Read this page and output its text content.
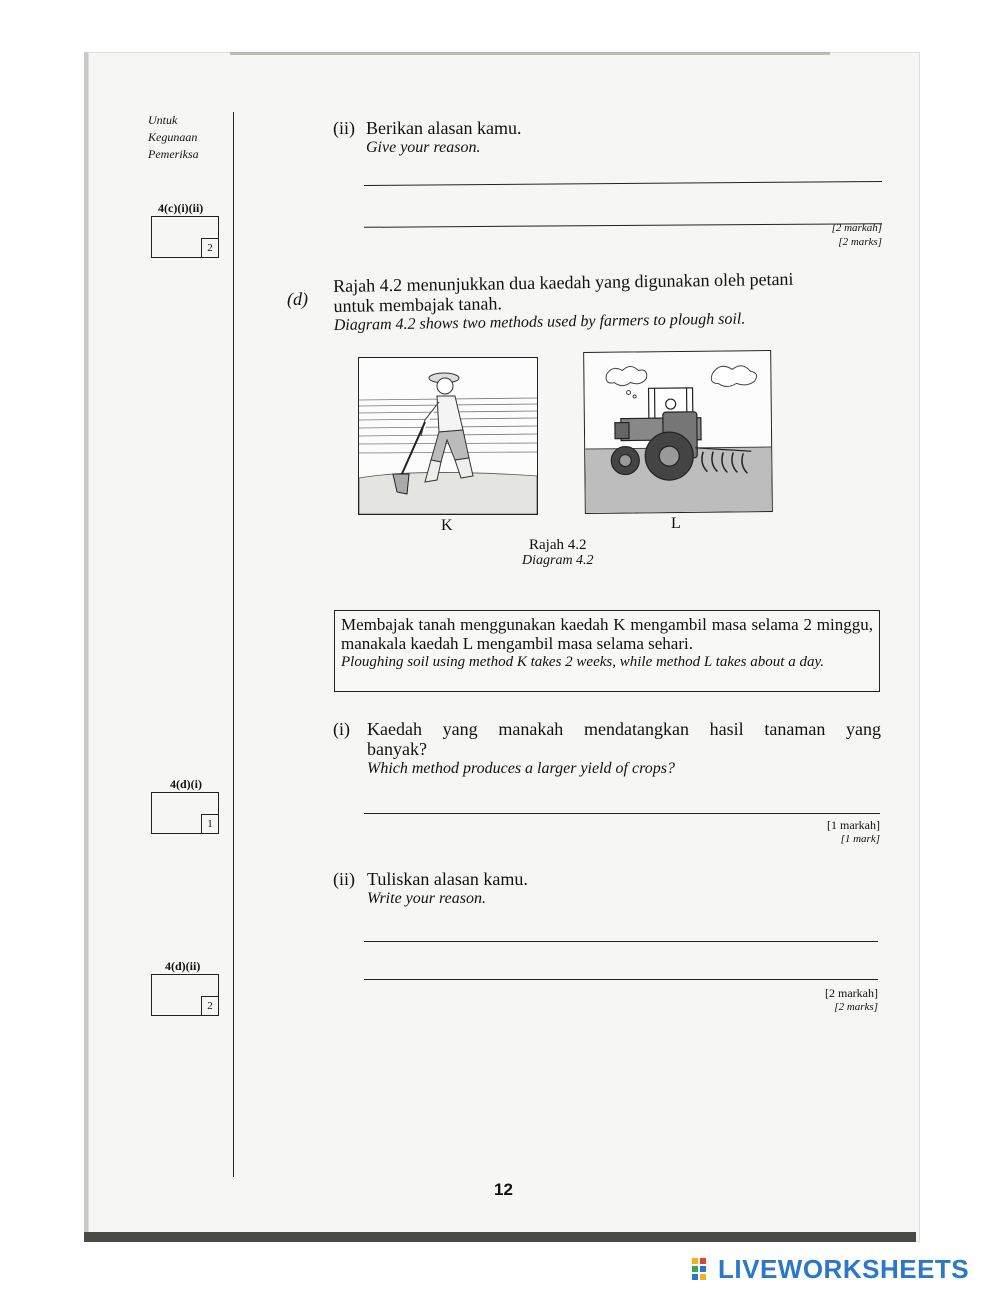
Untuk
Kegunaan
Pemeriksa
4(c)(i)(ii)
2
4(d)(i)
1
4(d)(ii)
2
(ii) Berikan alasan kamu.
Give your reason.
[2 markah]
[2 marks]
(d)
Rajah 4.2 menunjukkan dua kaedah yang digunakan oleh petani
untuk membajak tanah.
Diagram 4.2 shows two methods used by farmers to plough soil.
K	L
Rajah 4.2
Diagram 4.2
Membajak tanah menggunakan kaedah K mengambil masa selama 2 minggu, manakala kaedah L mengambil masa selama sehari.
Ploughing soil using method K takes 2 weeks, while method L takes about a day.
(i) Kaedah yang manakah mendatangkan hasil tanaman yang
banyak?
Which method produces a larger yield of crops?
[1 markah]
[1 mark]
(ii) Tuliskan alasan kamu.
Write your reason.
[2 markah]
[2 marks]
12
LIVEWORKSHEETS
